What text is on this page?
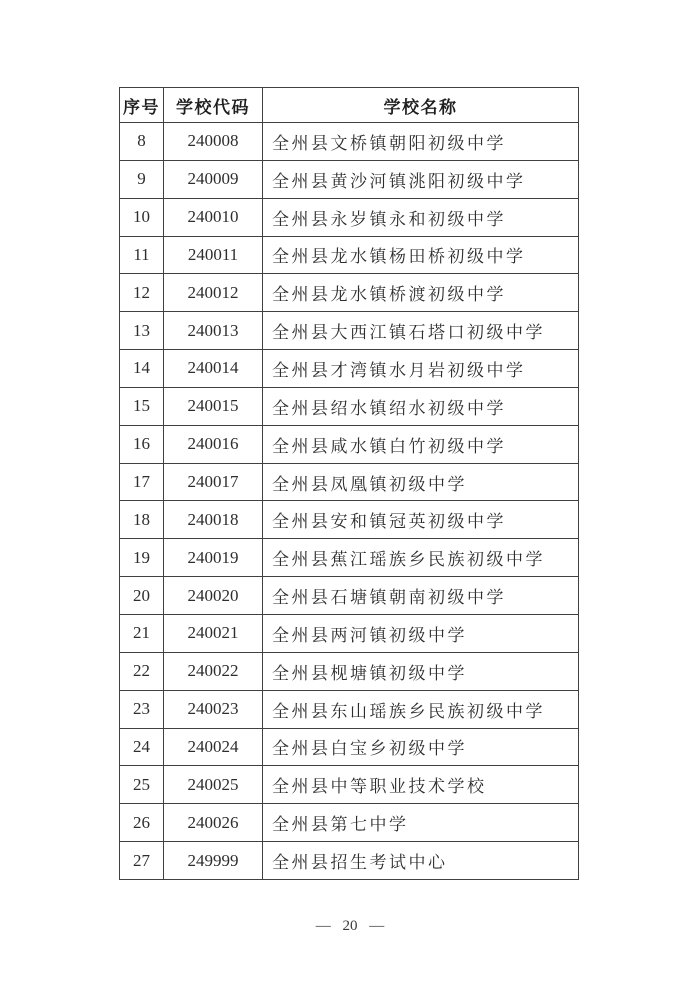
序号	学校代码	学校名称
8	240008	全州县文桥镇朝阳初级中学
9	240009	全州县黄沙河镇洮阳初级中学
10	240010	全州县永岁镇永和初级中学
11	240011	全州县龙水镇杨田桥初级中学
12	240012	全州县龙水镇桥渡初级中学
13	240013	全州县大西江镇石塔口初级中学
14	240014	全州县才湾镇水月岩初级中学
15	240015	全州县绍水镇绍水初级中学
16	240016	全州县咸水镇白竹初级中学
17	240017	全州县凤凰镇初级中学
18	240018	全州县安和镇冠英初级中学
19	240019	全州县蕉江瑶族乡民族初级中学
20	240020	全州县石塘镇朝南初级中学
21	240021	全州县两河镇初级中学
22	240022	全州县枧塘镇初级中学
23	240023	全州县东山瑶族乡民族初级中学
24	240024	全州县白宝乡初级中学
25	240025	全州县中等职业技术学校
26	240026	全州县第七中学
27	249999	全州县招生考试中心
— 20 —
